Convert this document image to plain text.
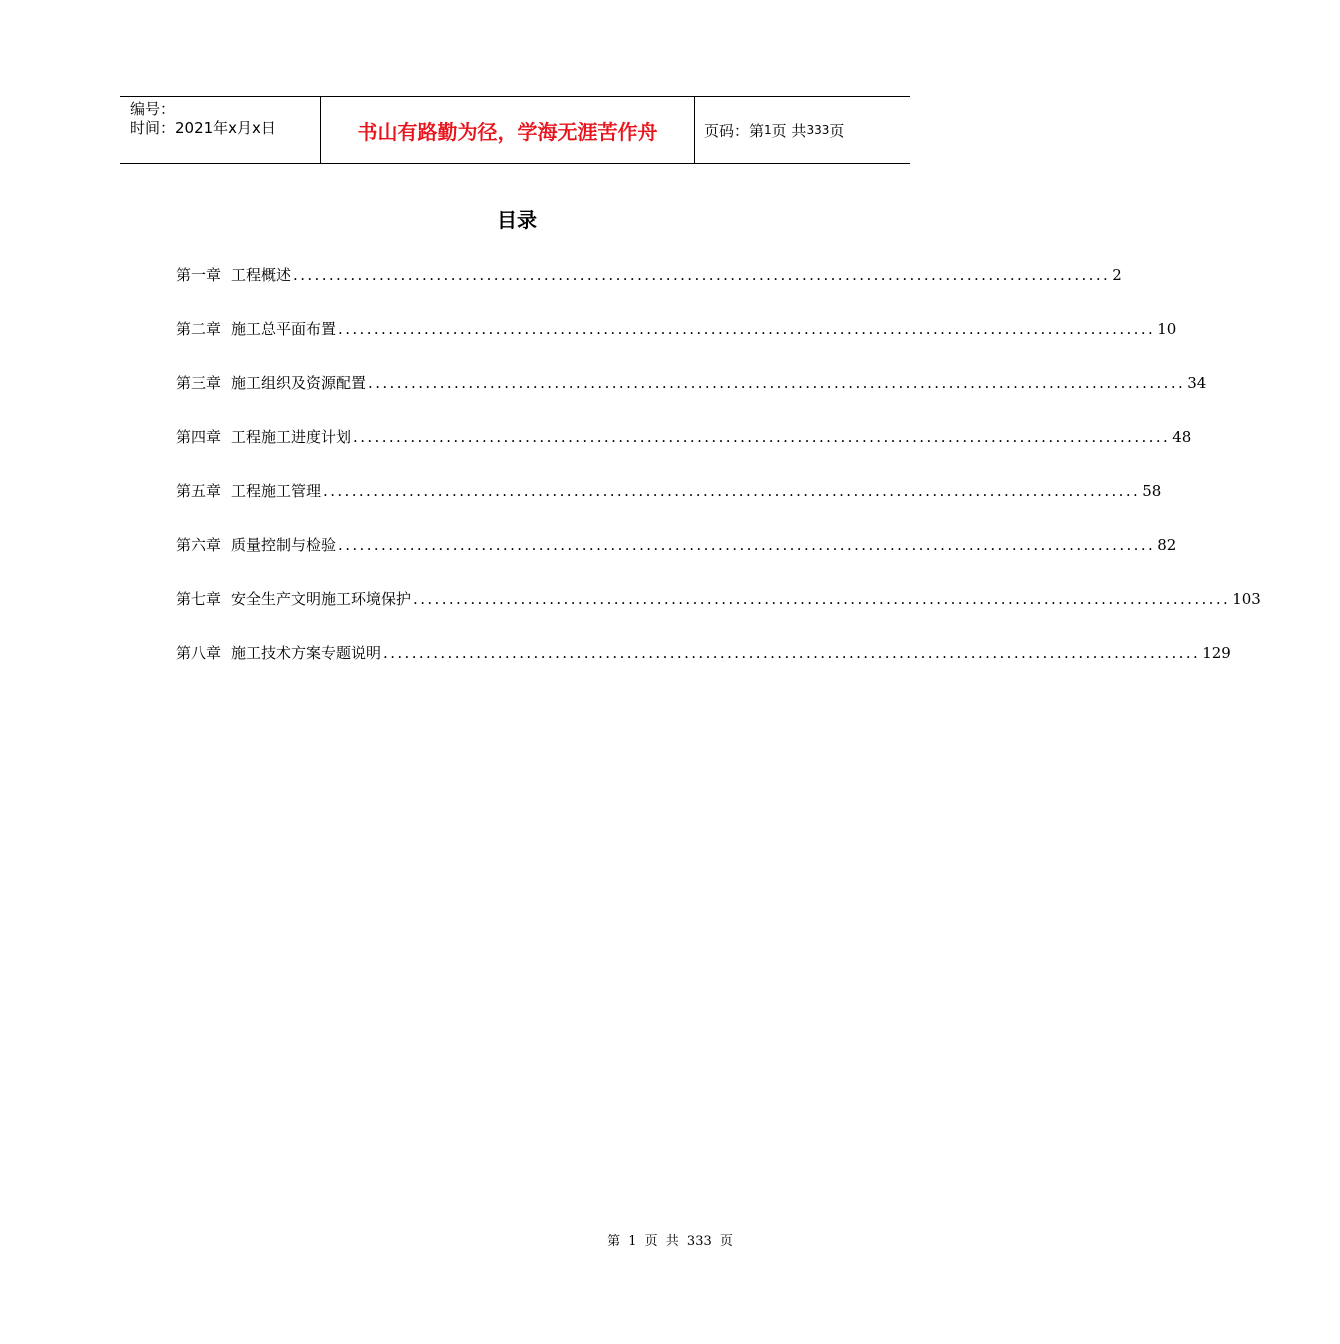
编号：
时间：2021年x月x日	书山有路勤为径，学海无涯苦作舟	页码：第 1 页 共 333 页
目录
第一章 工程概述 .................................................................................................................. 2
第二章 施工总平面布置 .................................................................................................................. 10
第三章 施工组织及资源配置 .................................................................................................................. 34
第四章 工程施工进度计划 .................................................................................................................. 48
第五章 工程施工管理 .................................................................................................................. 58
第六章 质量控制与检验 .................................................................................................................. 82
第七章 安全生产文明施工环境保护 .................................................................................................................. 103
第八章 施工技术方案专题说明 .................................................................................................................. 129
第 1 页 共 333 页
